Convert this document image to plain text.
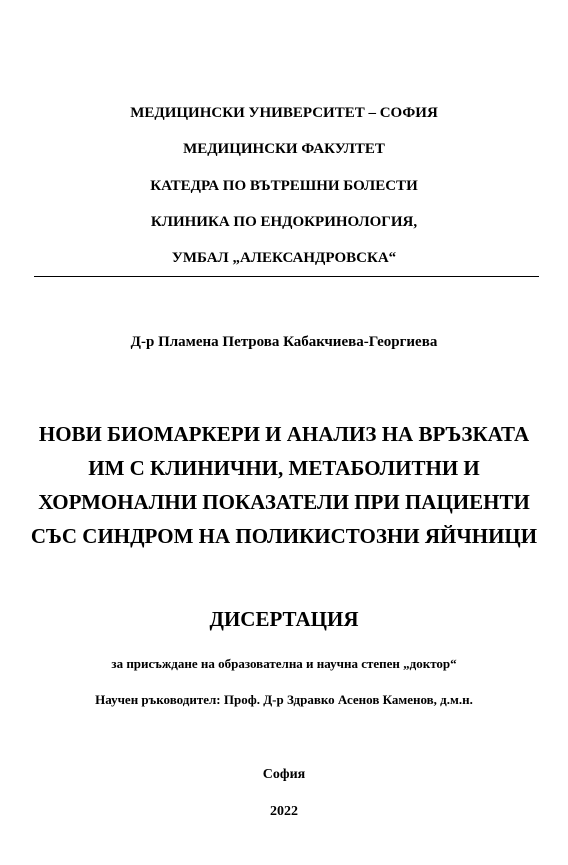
МЕДИЦИНСКИ УНИВЕРСИТЕТ – СОФИЯ
МЕДИЦИНСКИ ФАКУЛТЕТ
КАТЕДРА ПО ВЪТРЕШНИ БОЛЕСТИ
КЛИНИКА ПО ЕНДОКРИНОЛОГИЯ,
УМБАЛ „АЛЕКСАНДРОВСКА“
Д-р Пламена Петрова Кабакчиева-Георгиева
НОВИ БИОМАРКЕРИ И АНАЛИЗ НА ВРЪЗКАТА
ИМ С КЛИНИЧНИ, МЕТАБОЛИТНИ И
ХОРМОНАЛНИ ПОКАЗАТЕЛИ ПРИ ПАЦИЕНТИ
СЪС СИНДРОМ НА ПОЛИКИСТОЗНИ ЯЙЧНИЦИ
ДИСЕРТАЦИЯ
за присъждане на образователна и научна степен „доктор“
Научен ръководител: Проф. Д-р Здравко Асенов Каменов, д.м.н.
София
2022
